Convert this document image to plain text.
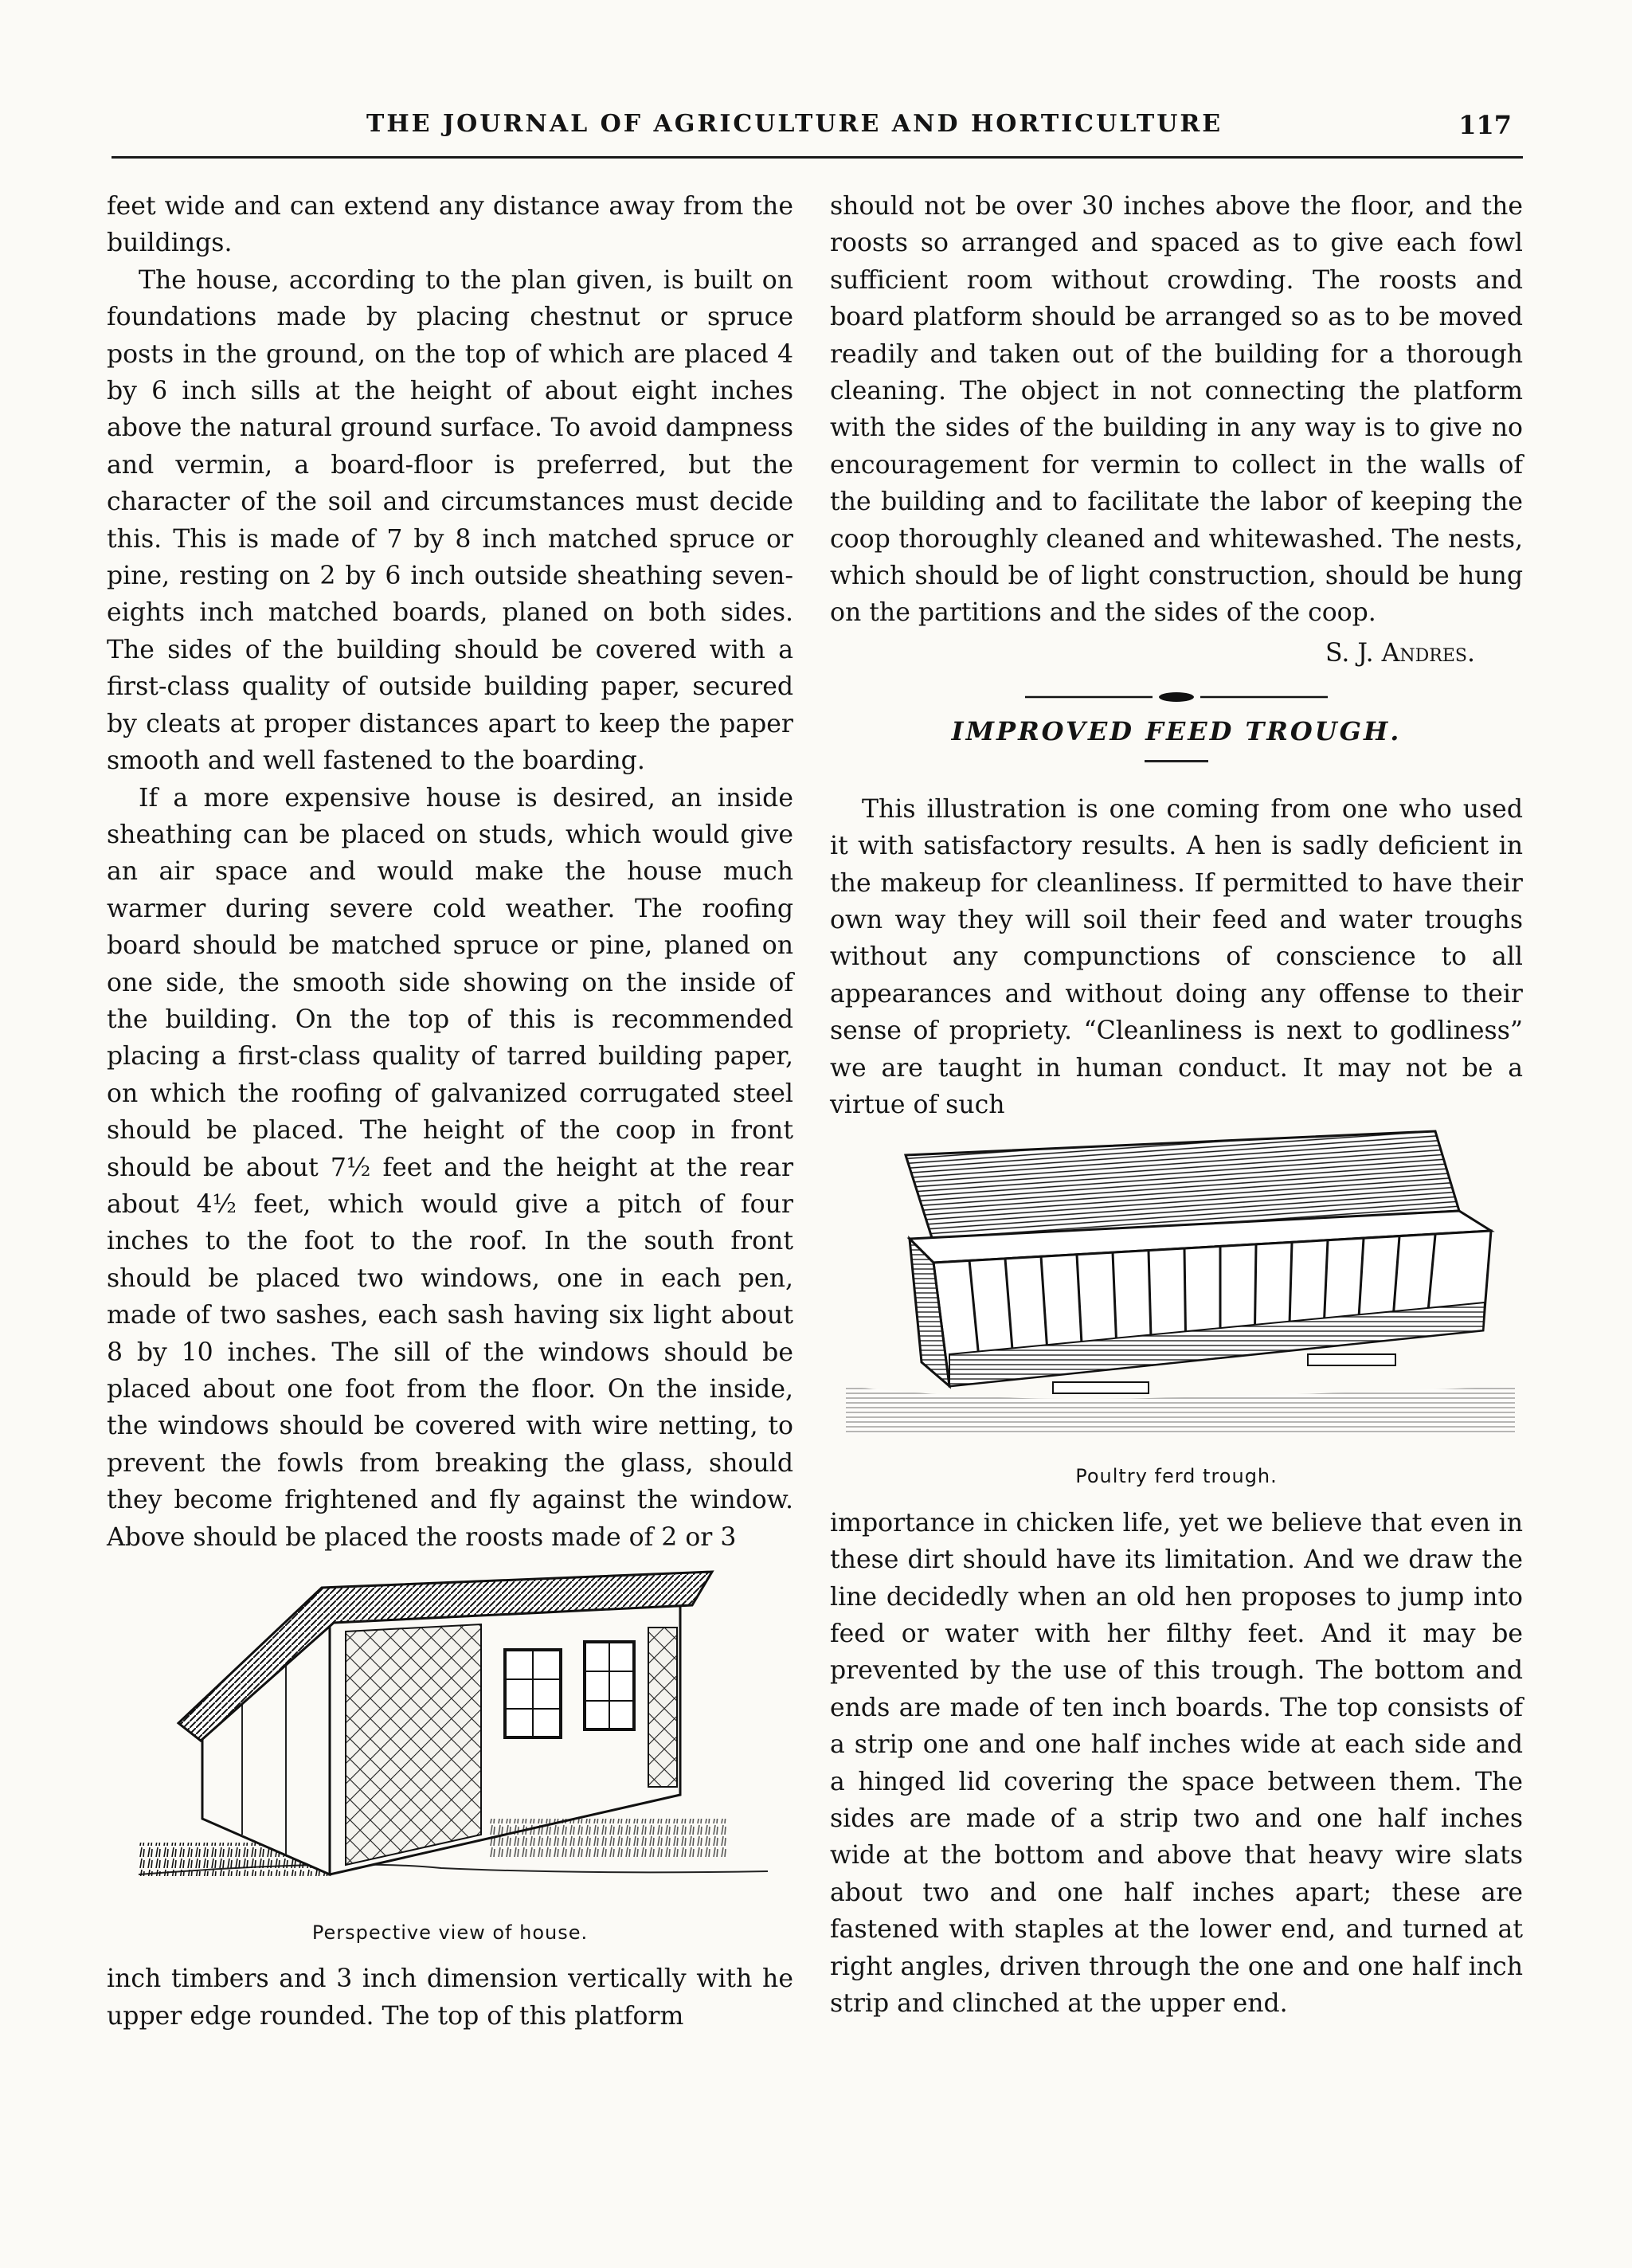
THE JOURNAL OF AGRICULTURE AND HORTICULTURE	117

feet wide and can extend any distance away from the buildings.

The house, according to the plan given, is built on foundations made by placing chestnut or spruce posts in the ground, on the top of which are placed 4 by 6 inch sills at the height of about eight inches above the natural ground surface. To avoid dampness and vermin, a board-floor is preferred, but the character of the soil and circumstances must decide this. This is made of 7 by 8 inch matched spruce or pine, resting on 2 by 6 inch outside sheathing seven-eights inch matched boards, planed on both sides. The sides of the building should be covered with a first-class quality of outside building paper, secured by cleats at proper distances apart to keep the paper smooth and well fastened to the boarding.

If a more expensive house is desired, an inside sheathing can be placed on studs, which would give an air space and would make the house much warmer during severe cold weather. The roofing board should be matched spruce or pine, planed on one side, the smooth side showing on the inside of the building. On the top of this is recommended placing a first-class quality of tarred building paper, on which the roofing of galvanized corrugated steel should be placed. The height of the coop in front should be about 7½ feet and the height at the rear about 4½ feet, which would give a pitch of four inches to the foot to the roof. In the south front should be placed two windows, one in each pen, made of two sashes, each sash having six light about 8 by 10 inches. The sill of the windows should be placed about one foot from the floor. On the inside, the windows should be covered with wire netting, to prevent the fowls from breaking the glass, should they become frightened and fly against the window. Above should be placed the roosts made of 2 or 3

Perspective view of house.

inch timbers and 3 inch dimension vertically with he upper edge rounded. The top of this platform

should not be over 30 inches above the floor, and the roosts so arranged and spaced as to give each fowl sufficient room without crowding. The roosts and board platform should be arranged so as to be moved readily and taken out of the building for a thorough cleaning. The object in not connecting the platform with the sides of the building in any way is to give no encouragement for vermin to collect in the walls of the building and to facilitate the labor of keeping the coop thoroughly cleaned and whitewashed. The nests, which should be of light construction, should be hung on the partitions and the sides of the coop.

S. J. Andres.
IMPROVED FEED TROUGH.

This illustration is one coming from one who used it with satisfactory results. A hen is sadly deficient in the makeup for cleanliness. If permitted to have their own way they will soil their feed and water troughs without any compunctions of conscience to all appearances and without doing any offense to their sense of propriety. “Cleanliness is next to godliness” we are taught in human conduct. It may not be a virtue of such

Poultry ferd trough.

importance in chicken life, yet we believe that even in these dirt should have its limitation. And we draw the line decidedly when an old hen proposes to jump into feed or water with her filthy feet. And it may be prevented by the use of this trough. The bottom and ends are made of ten inch boards. The top consists of a strip one and one half inches wide at each side and a hinged lid covering the space between them. The sides are made of a strip two and one half inches wide at the bottom and above that heavy wire slats about two and one half inches apart; these are fastened with staples at the lower end, and turned at right angles, driven through the one and one half inch strip and clinched at the upper end.
